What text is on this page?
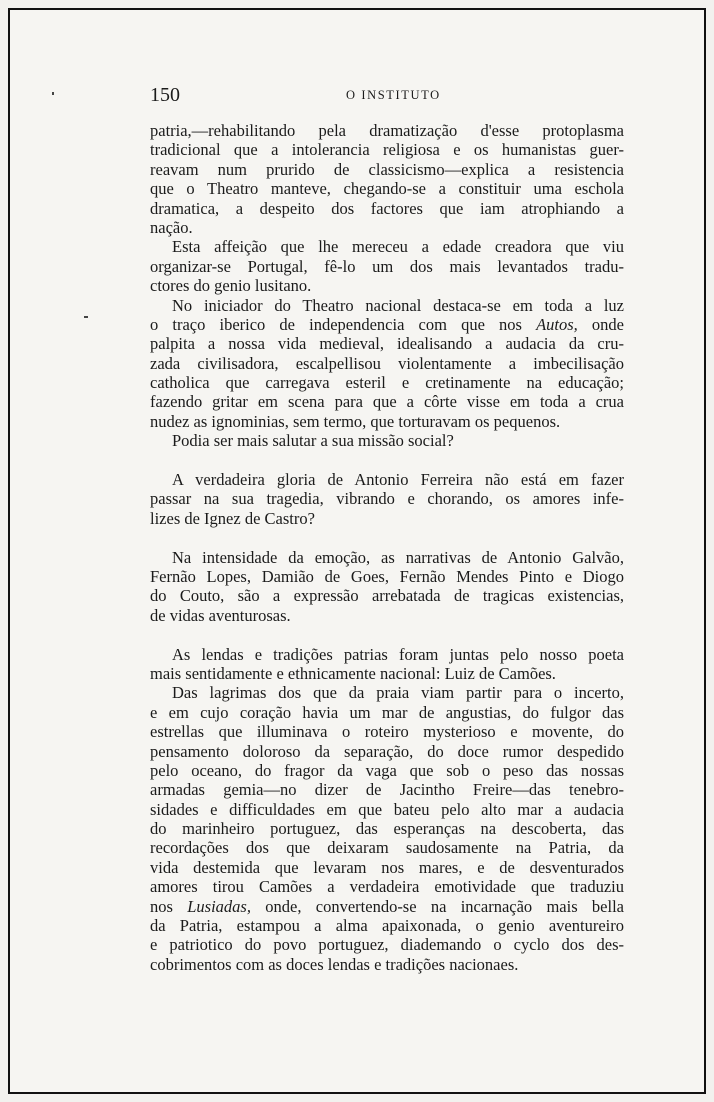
150	O INSTITUTO
patria,—rehabilitando pela dramatização d'esse protoplasma
tradicional que a intolerancia religiosa e os humanistas guer-
reavam num prurido de classicismo—explica a resistencia
que o Theatro manteve, chegando-se a constituir uma eschola
dramatica, a despeito dos factores que iam atrophiando a
nação.
Esta affeição que lhe mereceu a edade creadora que viu
organizar-se Portugal, fê-lo um dos mais levantados tradu-
ctores do genio lusitano.
No iniciador do Theatro nacional destaca-se em toda a luz
o traço iberico de independencia com que nos Autos, onde
palpita a nossa vida medieval, idealisando a audacia da cru-
zada civilisadora, escalpellisou violentamente a imbecilisação
catholica que carregava esteril e cretinamente na educação;
fazendo gritar em scena para que a côrte visse em toda a crua
nudez as ignominias, sem termo, que torturavam os pequenos.
Podia ser mais salutar a sua missão social?
A verdadeira gloria de Antonio Ferreira não está em fazer
passar na sua tragedia, vibrando e chorando, os amores infe-
lizes de Ignez de Castro?
Na intensidade da emoção, as narrativas de Antonio Galvão,
Fernão Lopes, Damião de Goes, Fernão Mendes Pinto e Diogo
do Couto, são a expressão arrebatada de tragicas existencias,
de vidas aventurosas.
As lendas e tradições patrias foram juntas pelo nosso poeta
mais sentidamente e ethnicamente nacional: Luiz de Camões.
Das lagrimas dos que da praia viam partir para o incerto,
e em cujo coração havia um mar de angustias, do fulgor das
estrellas que illuminava o roteiro mysterioso e movente, do
pensamento doloroso da separação, do doce rumor despedido
pelo oceano, do fragor da vaga que sob o peso das nossas
armadas gemia—no dizer de Jacintho Freire—das tenebro-
sidades e difficuldades em que bateu pelo alto mar a audacia
do marinheiro portuguez, das esperanças na descoberta, das
recordações dos que deixaram saudosamente na Patria, da
vida destemida que levaram nos mares, e de desventurados
amores tirou Camões a verdadeira emotividade que traduziu
nos Lusiadas, onde, convertendo-se na incarnação mais bella
da Patria, estampou a alma apaixonada, o genio aventureiro
e patriotico do povo portuguez, diademando o cyclo dos des-
cobrimentos com as doces lendas e tradições nacionaes.
